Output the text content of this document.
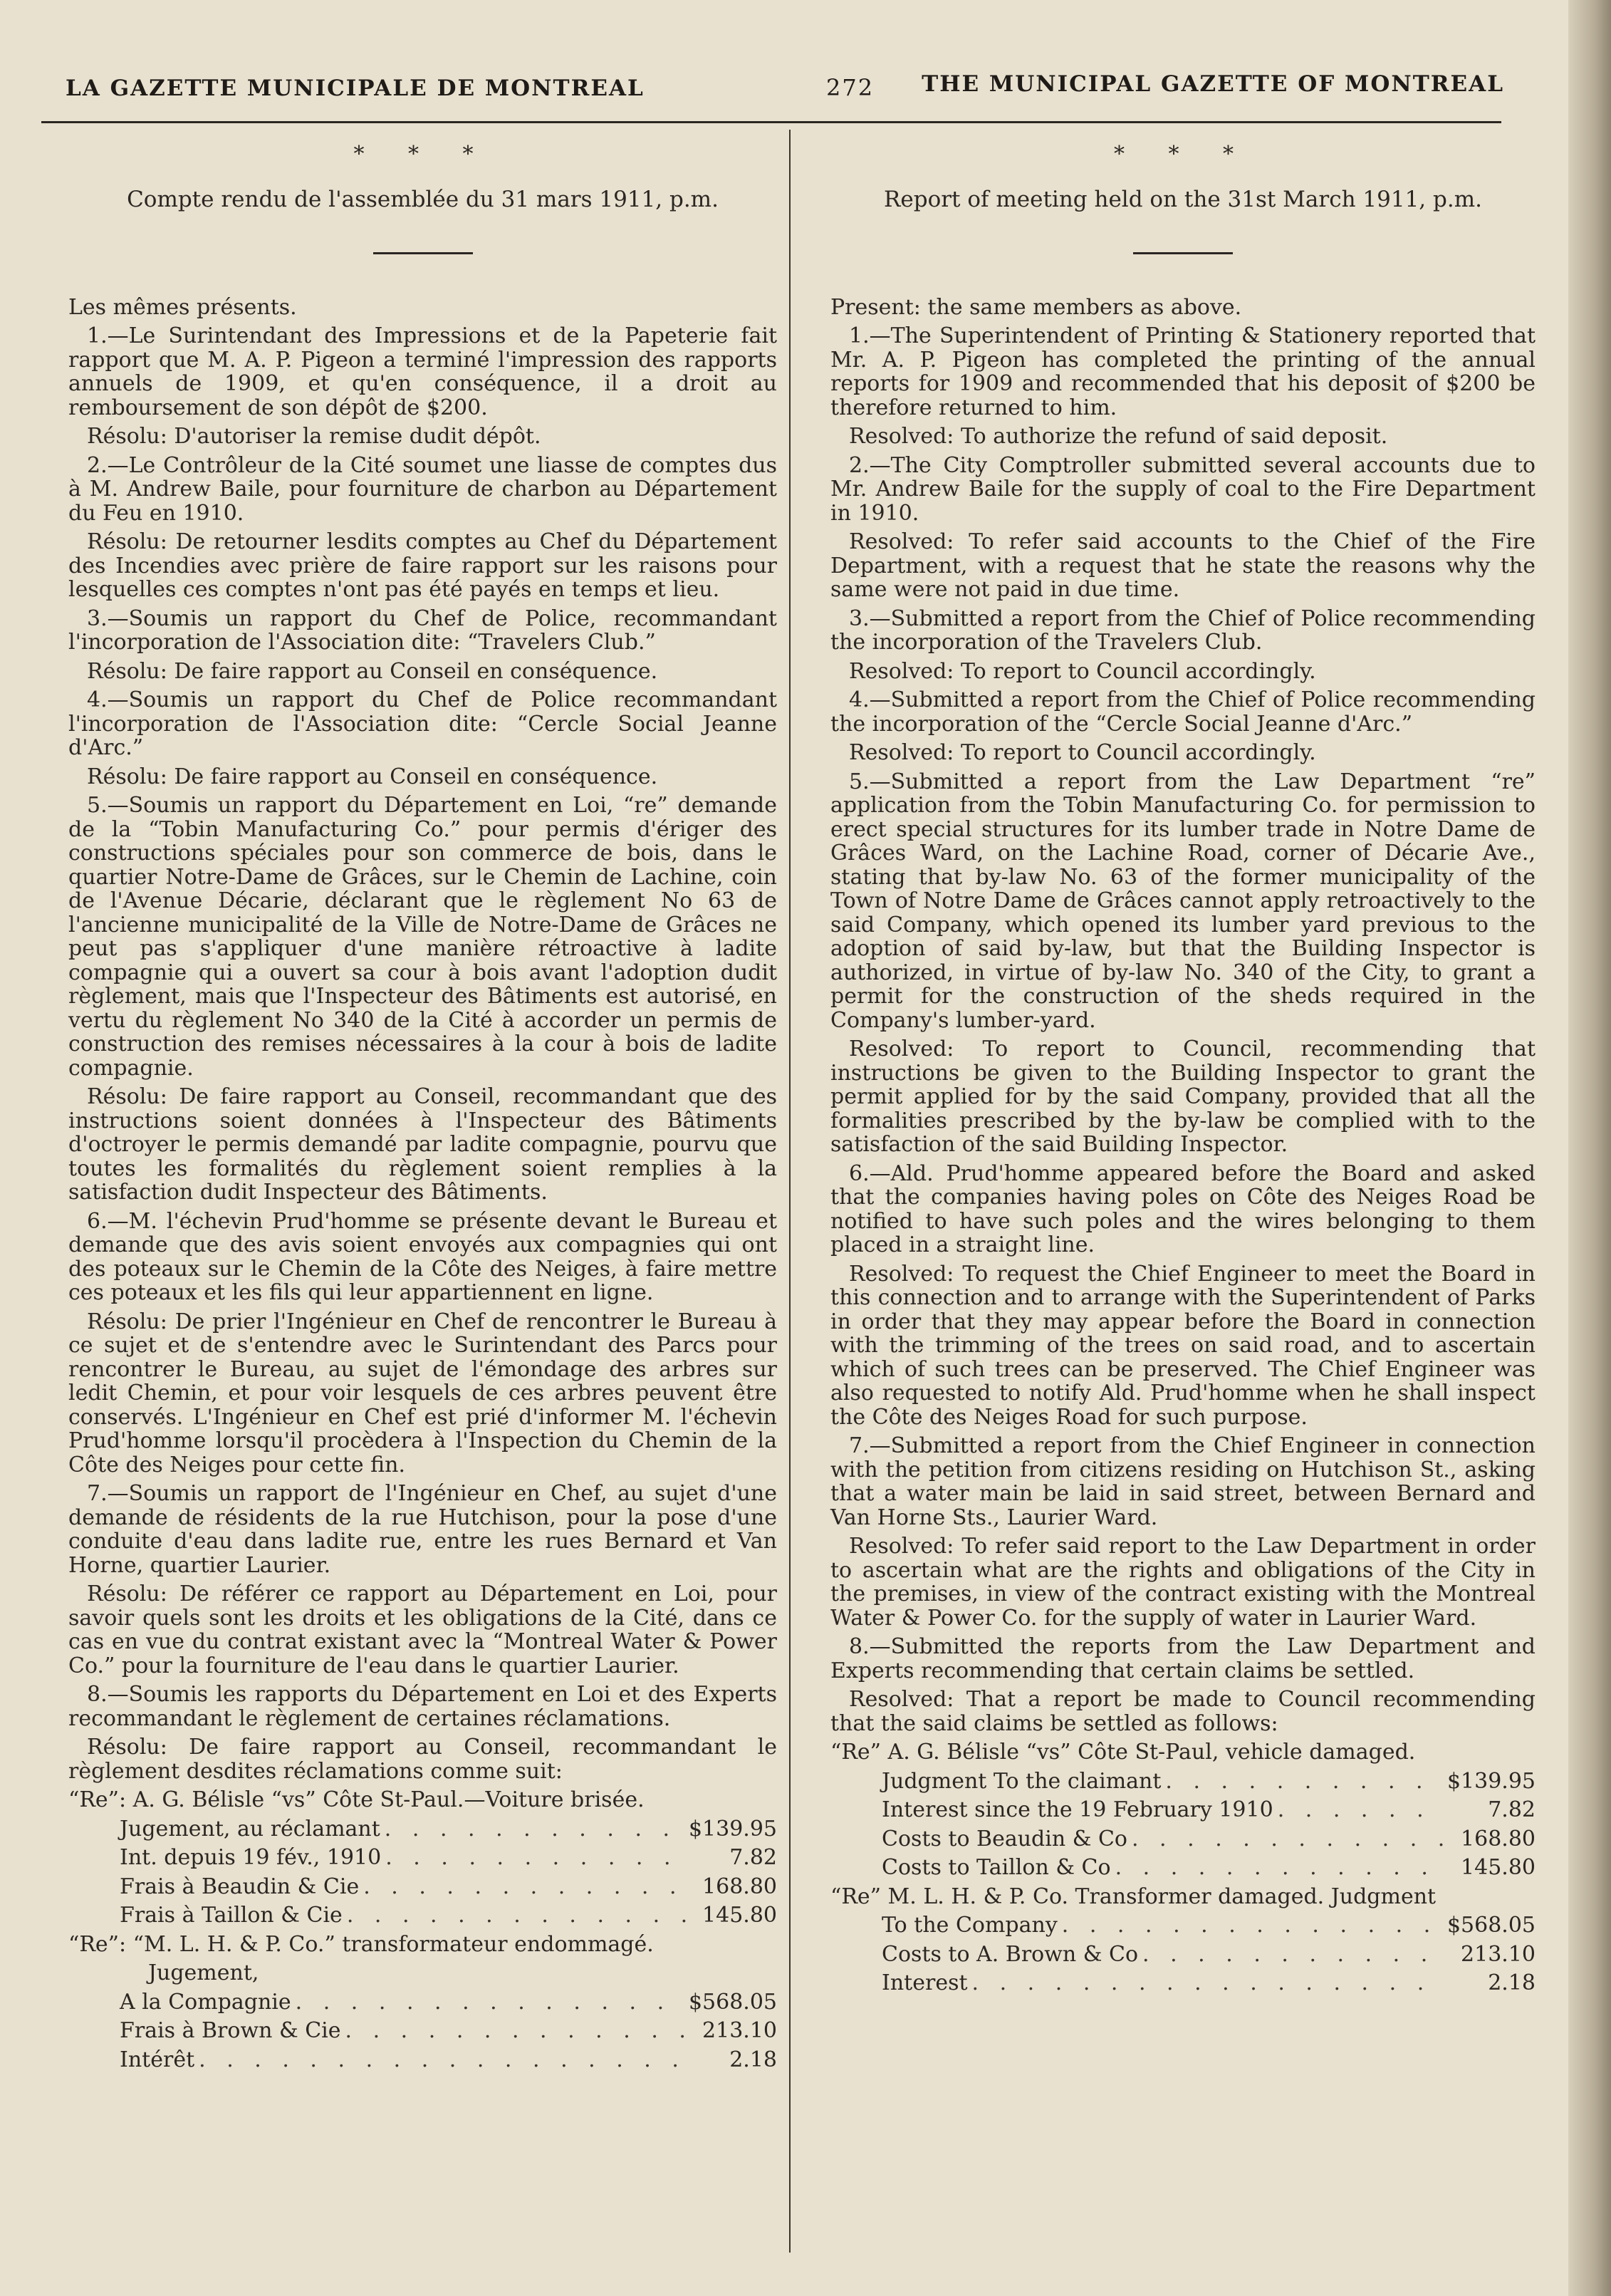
LA GAZETTE MUNICIPALE DE MONTREAL	272 THE MUNICIPAL GAZETTE OF MONTREAL
* * *
Compte rendu de l'assemblée du 31 mars 1911, p.m.

Les mêmes présents.

1.—Le Surintendant des Impressions et de la Papeterie fait rapport que M. A. P. Pigeon a terminé l'impression des rapports annuels de 1909, et qu'en conséquence, il a droit au remboursement de son dépôt de $200.

Résolu: D'autoriser la remise dudit dépôt.

2.—Le Contrôleur de la Cité soumet une liasse de comptes dus à M. Andrew Baile, pour fourniture de charbon au Département du Feu en 1910.

Résolu: De retourner lesdits comptes au Chef du Département des Incendies avec prière de faire rapport sur les raisons pour lesquelles ces comptes n'ont pas été payés en temps et lieu.

3.—Soumis un rapport du Chef de Police, recommandant l'incorporation de l'Association dite: “Travelers Club.”

Résolu: De faire rapport au Conseil en conséquence.

4.—Soumis un rapport du Chef de Police recommandant l'incorporation de l'Association dite: “Cercle Social Jeanne d'Arc.”

Résolu: De faire rapport au Conseil en conséquence.

5.—Soumis un rapport du Département en Loi, “re” demande de la “Tobin Manufacturing Co.” pour permis d'ériger des constructions spéciales pour son commerce de bois, dans le quartier Notre-Dame de Grâces, sur le Chemin de Lachine, coin de l'Avenue Décarie, déclarant que le règlement No 63 de l'ancienne municipalité de la Ville de Notre-Dame de Grâces ne peut pas s'appliquer d'une manière rétroactive à ladite compagnie qui a ouvert sa cour à bois avant l'adoption dudit règlement, mais que l'Inspecteur des Bâtiments est autorisé, en vertu du règlement No 340 de la Cité à accorder un permis de construction des remises nécessaires à la cour à bois de ladite compagnie.

Résolu: De faire rapport au Conseil, recommandant que des instructions soient données à l'Inspecteur des Bâtiments d'octroyer le permis demandé par ladite compagnie, pourvu que toutes les formalités du règlement soient remplies à la satisfaction dudit Inspecteur des Bâtiments.

6.—M. l'échevin Prud'homme se présente devant le Bureau et demande que des avis soient envoyés aux compagnies qui ont des poteaux sur le Chemin de la Côte des Neiges, à faire mettre ces poteaux et les fils qui leur appartiennent en ligne.

Résolu: De prier l'Ingénieur en Chef de rencontrer le Bureau à ce sujet et de s'entendre avec le Surintendant des Parcs pour rencontrer le Bureau, au sujet de l'émondage des arbres sur ledit Chemin, et pour voir lesquels de ces arbres peuvent être conservés. L'Ingénieur en Chef est prié d'informer M. l'échevin Prud'homme lorsqu'il procèdera à l'Inspection du Chemin de la Côte des Neiges pour cette fin.

7.—Soumis un rapport de l'Ingénieur en Chef, au sujet d'une demande de résidents de la rue Hutchison, pour la pose d'une conduite d'eau dans ladite rue, entre les rues Bernard et Van Horne, quartier Laurier.

Résolu: De référer ce rapport au Département en Loi, pour savoir quels sont les droits et les obligations de la Cité, dans ce cas en vue du contrat existant avec la “Montreal Water & Power Co.” pour la fourniture de l'eau dans le quartier Laurier.

8.—Soumis les rapports du Département en Loi et des Experts recommandant le règlement de certaines réclamations.

Résolu: De faire rapport au Conseil, recommandant le règlement desdites réclamations comme suit:

“Re”: A. G. Bélisle “vs” Côte St-Paul.—Voiture brisée.

Jugement, au réclamant . . .	$139.95
Int. depuis 19 fév., 1910 . . .	7.82
Frais à Beaudin & Cie . . .	168.80
Frais à Taillon & Cie . . .	145.80

“Re”: “M. L. H. & P. Co.” transformateur endommagé.

Jugement,

A la Compagnie . . .	$568.05
Frais à Brown & Cie . . .	213.10
Intérêt . . .	2.18
* * *
Report of meeting held on the 31st March 1911, p.m.

Present: the same members as above.

1.—The Superintendent of Printing & Stationery reported that Mr. A. P. Pigeon has completed the printing of the annual reports for 1909 and recommended that his deposit of $200 be therefore returned to him.

Resolved: To authorize the refund of said deposit.

2.—The City Comptroller submitted several accounts due to Mr. Andrew Baile for the supply of coal to the Fire Department in 1910.

Resolved: To refer said accounts to the Chief of the Fire Department, with a request that he state the reasons why the same were not paid in due time.

3.—Submitted a report from the Chief of Police recommending the incorporation of the Travelers Club.

Resolved: To report to Council accordingly.

4.—Submitted a report from the Chief of Police recommending the incorporation of the “Cercle Social Jeanne d'Arc.”

Resolved: To report to Council accordingly.

5.—Submitted a report from the Law Department “re” application from the Tobin Manufacturing Co. for permission to erect special structures for its lumber trade in Notre Dame de Grâces Ward, on the Lachine Road, corner of Décarie Ave., stating that by-law No. 63 of the former municipality of the Town of Notre Dame de Grâces cannot apply retroactively to the said Company, which opened its lumber yard previous to the adoption of said by-law, but that the Building Inspector is authorized, in virtue of by-law No. 340 of the City, to grant a permit for the construction of the sheds required in the Company's lumber-yard.

Resolved: To report to Council, recommending that instructions be given to the Building Inspector to grant the permit applied for by the said Company, provided that all the formalities prescribed by the by-law be complied with to the satisfaction of the said Building Inspector.

6.—Ald. Prud'homme appeared before the Board and asked that the companies having poles on Côte des Neiges Road be notified to have such poles and the wires belonging to them placed in a straight line.

Resolved: To request the Chief Engineer to meet the Board in this connection and to arrange with the Superintendent of Parks in order that they may appear before the Board in connection with the trimming of the trees on said road, and to ascertain which of such trees can be preserved. The Chief Engineer was also requested to notify Ald. Prud'homme when he shall inspect the Côte des Neiges Road for such purpose.

7.—Submitted a report from the Chief Engineer in connection with the petition from citizens residing on Hutchison St., asking that a water main be laid in said street, between Bernard and Van Horne Sts., Laurier Ward.

Resolved: To refer said report to the Law Department in order to ascertain what are the rights and obligations of the City in the premises, in view of the contract existing with the Montreal Water & Power Co. for the supply of water in Laurier Ward.

8.—Submitted the reports from the Law Department and Experts recommending that certain claims be settled.

Resolved: That a report be made to Council recommending that the said claims be settled as follows:

“Re” A. G. Bélisle “vs” Côte St-Paul, vehicle damaged.

Judgment To the claimant . . .	$139.95
Interest since the 19 February 1910 . . .	7.82
Costs to Beaudin & Co . . .	168.80
Costs to Taillon & Co . . .	145.80

“Re” M. L. H. & P. Co. Transformer damaged. Judgment

To the Company . . .	$568.05
Costs to A. Brown & Co . . .	213.10
Interest . . .	2.18
